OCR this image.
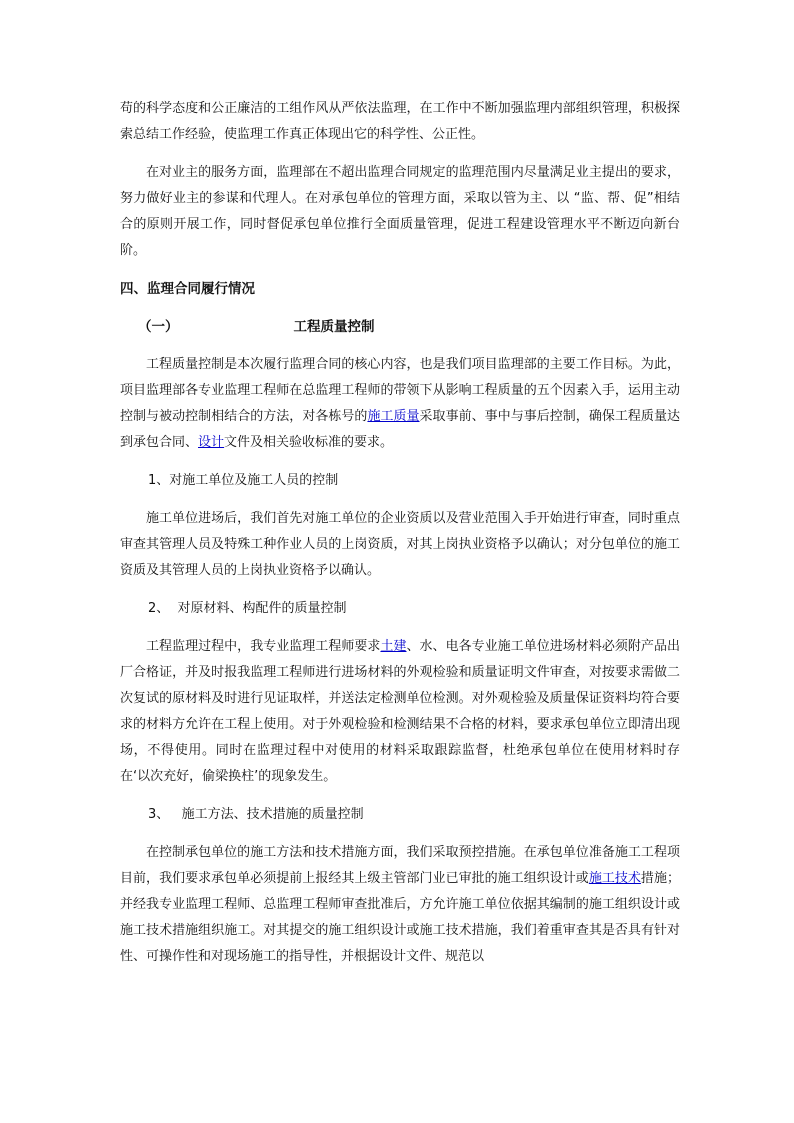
苟的科学态度和公正廉洁的工组作风从严依法监理，在工作中不断加强监理内部组织管理，积极探索总结工作经验，使监理工作真正体现出它的科学性、公正性。

在对业主的服务方面，监理部在不超出监理合同规定的监理范围内尽量满足业主提出的要求，努力做好业主的参谋和代理人。在对承包单位的管理方面，采取以管为主、以 “监、帮、促”相结合的原则开展工作，同时督促承包单位推行全面质量管理，促进工程建设管理水平不断迈向新台阶。

四、监理合同履行情况

（一）	工程质量控制

工程质量控制是本次履行监理合同的核心内容，也是我们项目监理部的主要工作目标。为此，项目监理部各专业监理工程师在总监理工程师的带领下从影响工程质量的五个因素入手，运用主动控制与被动控制相结合的方法，对各栋号的施工质量采取事前、事中与事后控制，确保工程质量达到承包合同、设计文件及相关验收标准的要求。

1、对施工单位及施工人员的控制

施工单位进场后，我们首先对施工单位的企业资质以及营业范围入手开始进行审查，同时重点审查其管理人员及特殊工种作业人员的上岗资质，对其上岗执业资格予以确认；对分包单位的施工资质及其管理人员的上岗执业资格予以确认。

2、  对原材料、构配件的质量控制

工程监理过程中，我专业监理工程师要求土建、水、电各专业施工单位进场材料必须附产品出厂合格证，并及时报我监理工程师进行进场材料的外观检验和质量证明文件审查，对按要求需做二次复试的原材料及时进行见证取样，并送法定检测单位检测。对外观检验及质量保证资料均符合要求的材料方允许在工程上使用。对于外观检验和检测结果不合格的材料，要求承包单位立即清出现场，不得使用。同时在监理过程中对使用的材料采取跟踪监督，杜绝承包单位在使用材料时存在‘以次充好，偷梁换柱’的现象发生。

3、   施工方法、技术措施的质量控制

在控制承包单位的施工方法和技术措施方面，我们采取预控措施。在承包单位准备施工工程项目前，我们要求承包单必须提前上报经其上级主管部门业已审批的施工组织设计或施工技术措施；并经我专业监理工程师、总监理工程师审查批准后，方允许施工单位依据其编制的施工组织设计或施工技术措施组织施工。对其提交的施工组织设计或施工技术措施，我们着重审查其是否具有针对性、可操作性和对现场施工的指导性，并根据设计文件、规范以
